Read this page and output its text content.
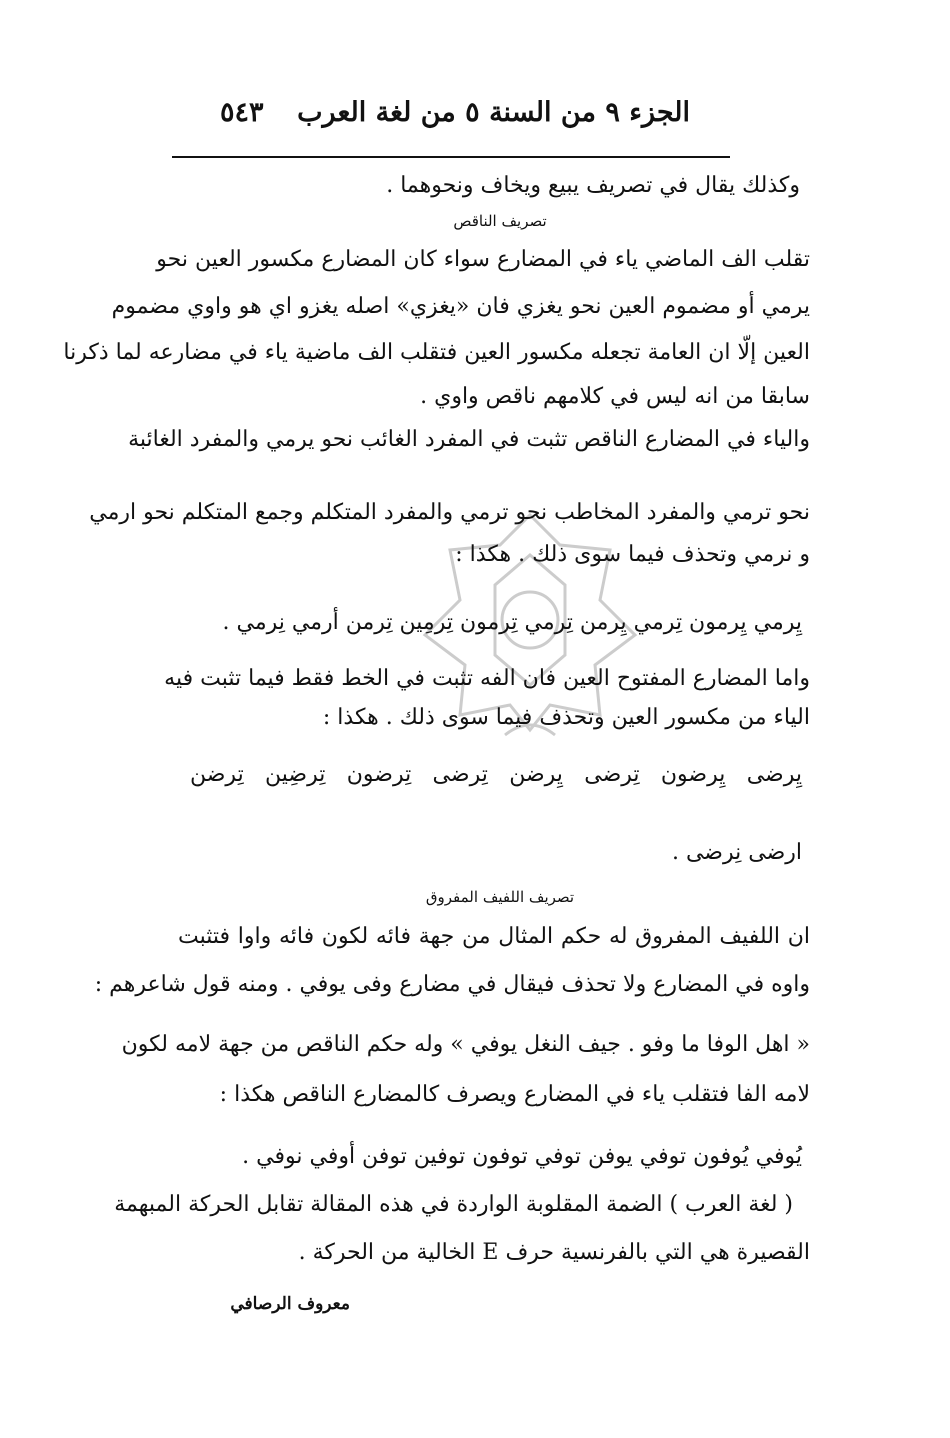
الجزء ٩ من السنة ٥ من لغة العرب
٥٤٣
وكذلك يقال في تصريف يبيع ويخاف ونحوهما .
تصريف الناقص
تقلب الف الماضي ياء في المضارع سواء كان المضارع مكسور العين نحو
يرمي أو مضموم العين نحو يغزي فان «يغزي» اصله يغزو اي هو واوي مضموم
العين إلّا ان العامة تجعله مكسور العين فتقلب الف ماضية ياء في مضارعه لما ذكرنا
سابقا من انه ليس في كلامهم ناقص واوي .
والياء في المضارع الناقص تثبت في المفرد الغائب نحو يرمي والمفرد الغائبة
نحو ترمي والمفرد المخاطب نحو ترمي والمفرد المتكلم وجمع المتكلم نحو ارمي
و نرمي وتحذف فيما سوى ذلك . هكذا :
يِرمي يِرمون تِرمي يِرمن تِرمي تِرمون تِرمِين تِرمن أرمي نِرمي .
واما المضارع المفتوح العين فان الفه تثبت في الخط فقط فيما تثبت فيه
الياء من مكسور العين وتحذف فيما سوى ذلك . هكذا :
يِرضى يِرضون تِرضى يِرضن تِرضى تِرضون تِرضِين تِرضن
ارضى نِرضى .
تصريف اللفيف المفروق
ان اللفيف المفروق له حكم المثال من جهة فائه لكون فائه واوا فتثبت
واوه في المضارع ولا تحذف فيقال في مضارع وفى يوفي . ومنه قول شاعرهم :
« اهل الوفا ما وفو . جيف النغل يوفي » وله حكم الناقص من جهة لامه لكون
لامه الفا فتقلب ياء في المضارع ويصرف كالمضارع الناقص هكذا :
يُوفي يُوفون توفي يوفن توفي توفون توفين توفن أوفي نوفي .
( لغة العرب ) الضمة المقلوبة الواردة في هذه المقالة تقابل الحركة المبهمة
القصيرة هي التي بالفرنسية حرف E الخالية من الحركة .
معروف الرصافي
